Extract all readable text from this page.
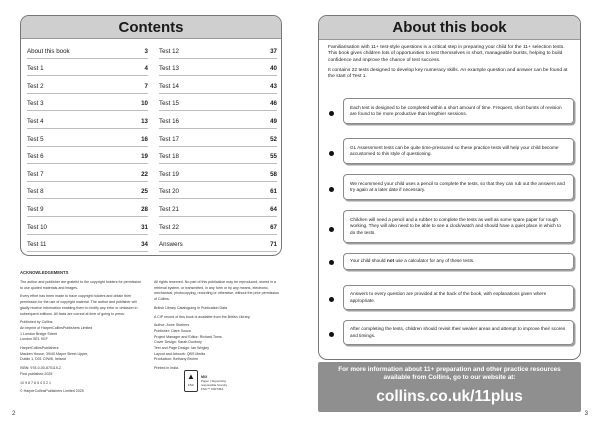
Contents
About this book	3
Test 1	4
Test 2	7
Test 3	10
Test 4	13
Test 5	16
Test 6	19
Test 7	22
Test 8	25
Test 9	28
Test 10	31
Test 11	34
Test 12	37
Test 13	40
Test 14	43
Test 15	46
Test 16	49
Test 17	52
Test 18	55
Test 19	58
Test 20	61
Test 21	64
Test 22	67
Answers	71
ACKNOWLEDGEMENTS

The author and publisher are grateful to the copyright holders for permission to use quoted materials and images.

Every effort has been made to trace copyright holders and obtain their permission for the use of copyright material. The author and publisher will gladly receive information enabling them to rectify any error or omission in subsequent editions. All facts are correct at time of going to press.

Published by Collins
An imprint of HarperCollinsPublishers Limited
1 London Bridge Street

London SE1 9GF

HarperCollinsPublishers
Macken House, 39/40 Mayor Street Upper,

Dublin 1, D01 C9W8, Ireland

ISBN: 978-0-00-870119-2

First published 2025

10 9 8 7 6 5 4 3 2 1

© HarperCollinsPublishers Limited 2025

All rights reserved. No part of this publication may be reproduced, stored in a retrieval system, or transmitted, in any form or by any means, electronic, mechanical, photocopying, recording or otherwise, without the prior permission of Collins.

British Library Cataloguing in Publication Data

A CIP record of this book is available from the British Library.

Author: Anne Stothers
Publisher: Clare Souza
Project Manager and Editor: Richard Toms
Cover Design: Sarah Duxbury
Text and Page Design: Ian Wrigley
Layout and Artwork: QBS Media

Production: Bethany Brohm

Printed in India.
▲
FSC
MIX
Paper | Supporting
responsible forestry
FSC™ C007454
2
About this book

Familiarisation with 11+ test-style questions is a critical step in preparing your child for the 11+ selection tests. This book gives children lots of opportunities to test themselves in short, manageable bursts, helping to build confidence and improve the chance of test success.

It contains 22 tests designed to develop key numeracy skills. An example question and answer can be found at the start of Test 1.

Each test is designed to be completed within a short amount of time. Frequent, short bursts of revision are found to be more productive than lengthier sessions.
GL Assessment tests can be quite time-pressured so these practice tests will help your child become accustomed to this style of questioning.
We recommend your child uses a pencil to complete the tests, so that they can rub out the answers and try again at a later date if necessary.
Children will need a pencil and a rubber to complete the tests as well as some spare paper for rough working. They will also need to be able to see a clock/watch and should have a quiet place in which to do the tests.
Your child should not use a calculator for any of these tests.
Answers to every question are provided at the back of the book, with explanations given where appropriate.
After completing the tests, children should revisit their weaker areas and attempt to improve their scores and timings.
For more information about 11+ preparation and other practice resources available from Collins, go to our website at:
collins.co.uk/11plus
3
